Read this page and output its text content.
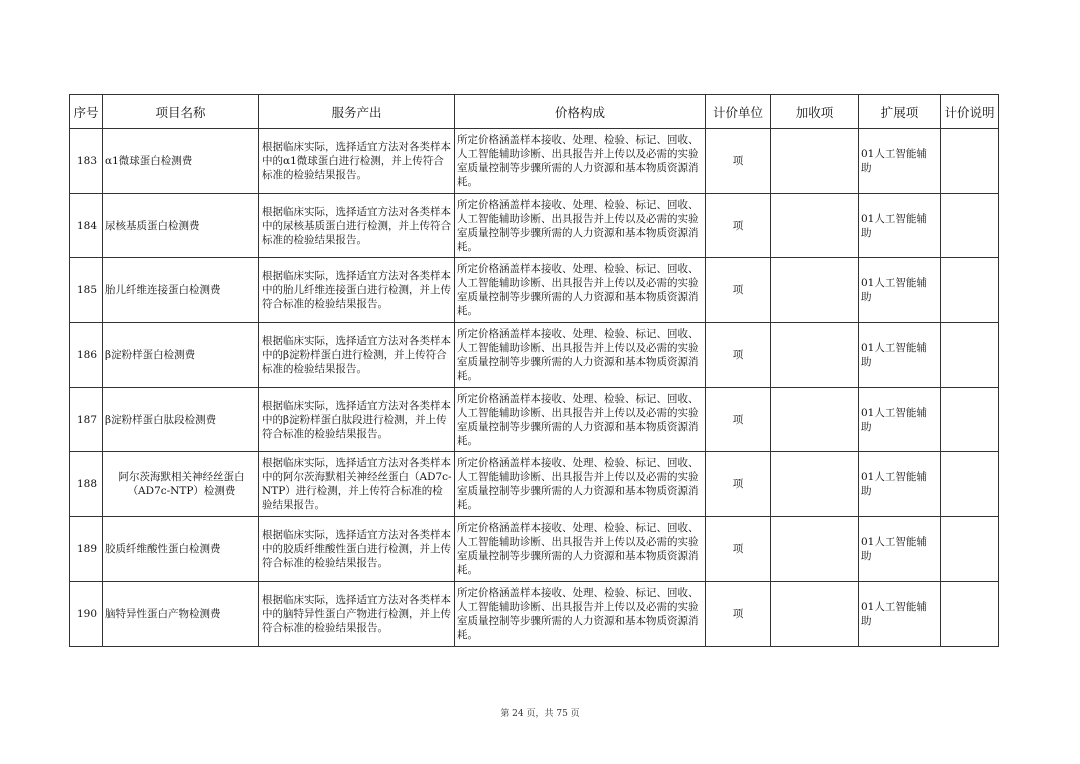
序号	项目名称	服务产出	价格构成	计价单位	加收项	扩展项	计价说明
183	α1微球蛋白检测费	根据临床实际，选择适宜方法对各类样本中的α1微球蛋白进行检测，并上传符合标准的检验结果报告。	所定价格涵盖样本接收、处理、检验、标记、回收、人工智能辅助诊断、出具报告并上传以及必需的实验室质量控制等步骤所需的人力资源和基本物质资源消耗。	项		01人工智能辅助	
184	尿核基质蛋白检测费	根据临床实际，选择适宜方法对各类样本中的尿核基质蛋白进行检测，并上传符合标准的检验结果报告。	所定价格涵盖样本接收、处理、检验、标记、回收、人工智能辅助诊断、出具报告并上传以及必需的实验室质量控制等步骤所需的人力资源和基本物质资源消耗。	项		01人工智能辅助	
185	胎儿纤维连接蛋白检测费	根据临床实际，选择适宜方法对各类样本中的胎儿纤维连接蛋白进行检测，并上传符合标准的检验结果报告。	所定价格涵盖样本接收、处理、检验、标记、回收、人工智能辅助诊断、出具报告并上传以及必需的实验室质量控制等步骤所需的人力资源和基本物质资源消耗。	项		01人工智能辅助	
186	β淀粉样蛋白检测费	根据临床实际，选择适宜方法对各类样本中的β淀粉样蛋白进行检测，并上传符合标准的检验结果报告。	所定价格涵盖样本接收、处理、检验、标记、回收、人工智能辅助诊断、出具报告并上传以及必需的实验室质量控制等步骤所需的人力资源和基本物质资源消耗。	项		01人工智能辅助	
187	β淀粉样蛋白肽段检测费	根据临床实际，选择适宜方法对各类样本中的β淀粉样蛋白肽段进行检测，并上传符合标准的检验结果报告。	所定价格涵盖样本接收、处理、检验、标记、回收、人工智能辅助诊断、出具报告并上传以及必需的实验室质量控制等步骤所需的人力资源和基本物质资源消耗。	项		01人工智能辅助	
188	阿尔茨海默相关神经丝蛋白（AD7c-NTP）检测费	根据临床实际，选择适宜方法对各类样本中的阿尔茨海默相关神经丝蛋白（AD7c-NTP）进行检测，并上传符合标准的检验结果报告。	所定价格涵盖样本接收、处理、检验、标记、回收、人工智能辅助诊断、出具报告并上传以及必需的实验室质量控制等步骤所需的人力资源和基本物质资源消耗。	项		01人工智能辅助	
189	胶质纤维酸性蛋白检测费	根据临床实际，选择适宜方法对各类样本中的胶质纤维酸性蛋白进行检测，并上传符合标准的检验结果报告。	所定价格涵盖样本接收、处理、检验、标记、回收、人工智能辅助诊断、出具报告并上传以及必需的实验室质量控制等步骤所需的人力资源和基本物质资源消耗。	项		01人工智能辅助	
190	脑特异性蛋白产物检测费	根据临床实际，选择适宜方法对各类样本中的脑特异性蛋白产物进行检测，并上传符合标准的检验结果报告。	所定价格涵盖样本接收、处理、检验、标记、回收、人工智能辅助诊断、出具报告并上传以及必需的实验室质量控制等步骤所需的人力资源和基本物质资源消耗。	项		01人工智能辅助	
第 24 页，共 75 页
